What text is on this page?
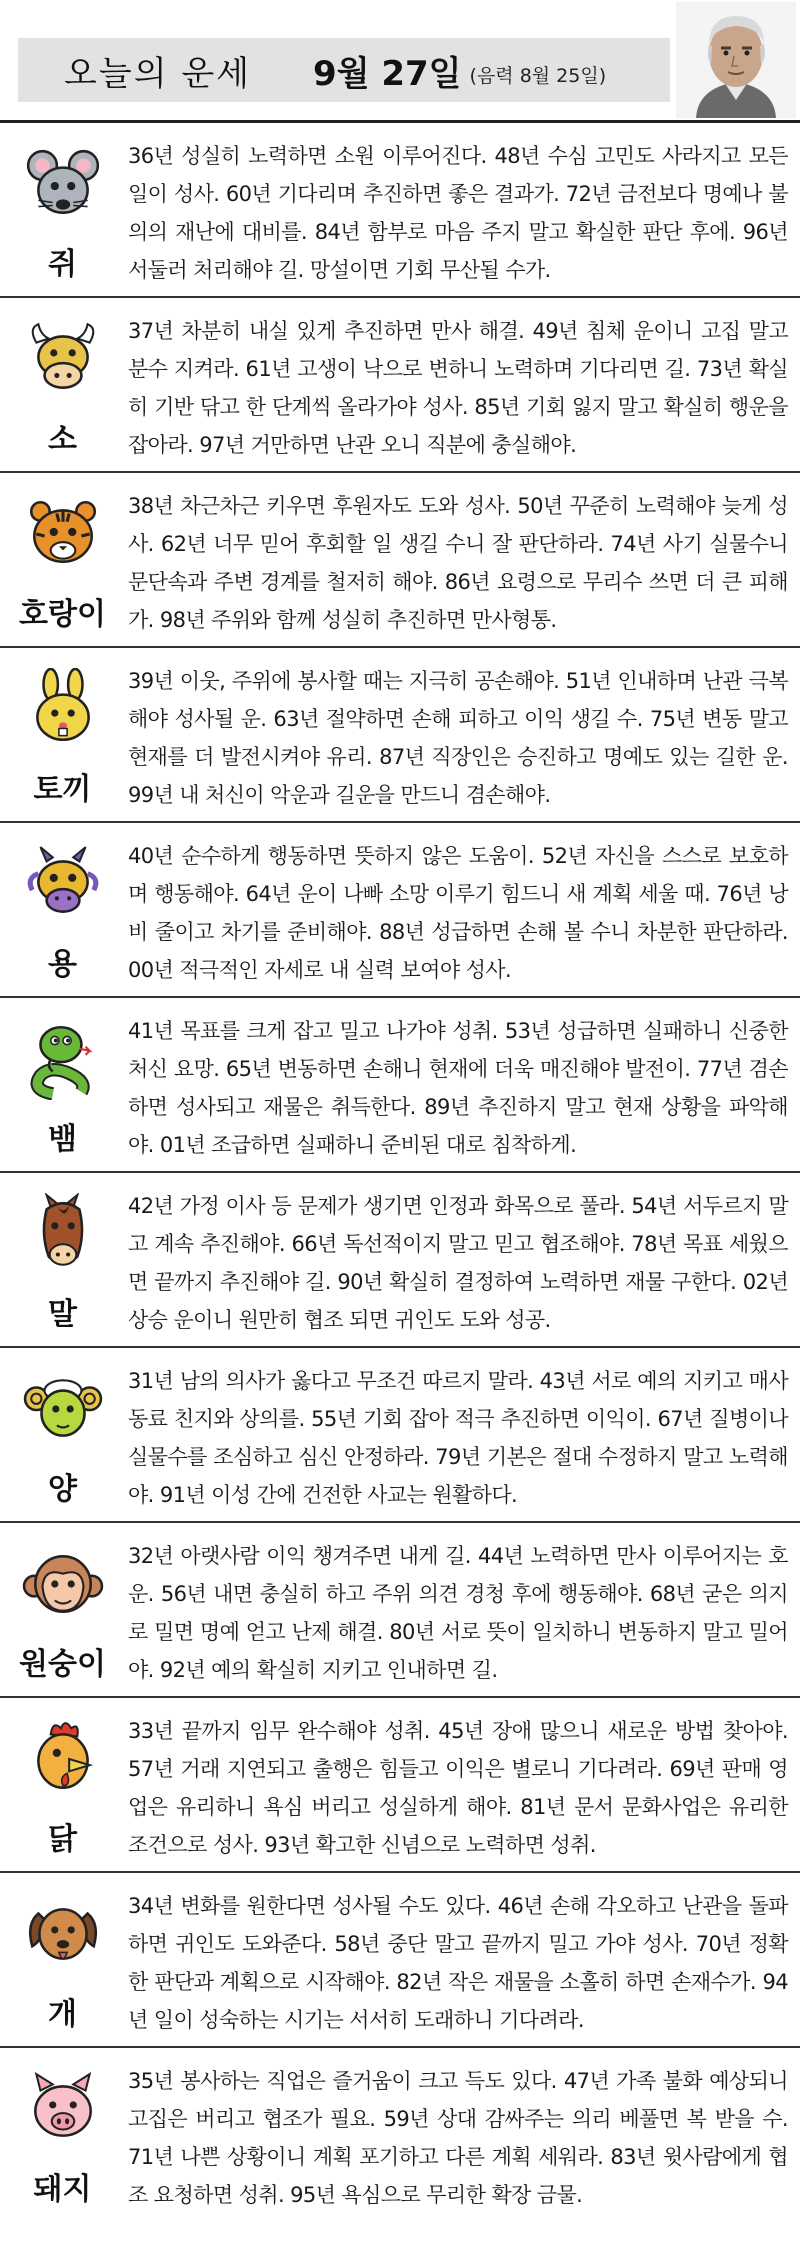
오늘의 운세 9월 27일 (음력 8월 25일)
쥐
36년 성실히 노력하면 소원 이루어진다. 48년 수심 고민도 사라지고 모든 일이 성사. 60년 기다리며 추진하면 좋은 결과가. 72년 금전보다 명예나 불의의 재난에 대비를. 84년 함부로 마음 주지 말고 확실한 판단 후에. 96년 서둘러 처리해야 길. 망설이면 기회 무산될 수가.
소
37년 차분히 내실 있게 추진하면 만사 해결. 49년 침체 운이니 고집 말고 분수 지켜라. 61년 고생이 낙으로 변하니 노력하며 기다리면 길. 73년 확실히 기반 닦고 한 단계씩 올라가야 성사. 85년 기회 잃지 말고 확실히 행운을 잡아라. 97년 거만하면 난관 오니 직분에 충실해야.
호랑이
38년 차근차근 키우면 후원자도 도와 성사. 50년 꾸준히 노력해야 늦게 성사. 62년 너무 믿어 후회할 일 생길 수니 잘 판단하라. 74년 사기 실물수니 문단속과 주변 경계를 철저히 해야. 86년 요령으로 무리수 쓰면 더 큰 피해가. 98년 주위와 함께 성실히 추진하면 만사형통.
토끼
39년 이웃, 주위에 봉사할 때는 지극히 공손해야. 51년 인내하며 난관 극복해야 성사될 운. 63년 절약하면 손해 피하고 이익 생길 수. 75년 변동 말고 현재를 더 발전시켜야 유리. 87년 직장인은 승진하고 명예도 있는 길한 운. 99년 내 처신이 악운과 길운을 만드니 겸손해야.
용
40년 순수하게 행동하면 뜻하지 않은 도움이. 52년 자신을 스스로 보호하며 행동해야. 64년 운이 나빠 소망 이루기 힘드니 새 계획 세울 때. 76년 낭비 줄이고 차기를 준비해야. 88년 성급하면 손해 볼 수니 차분한 판단하라. 00년 적극적인 자세로 내 실력 보여야 성사.
뱀
41년 목표를 크게 잡고 밀고 나가야 성취. 53년 성급하면 실패하니 신중한 처신 요망. 65년 변동하면 손해니 현재에 더욱 매진해야 발전이. 77년 겸손하면 성사되고 재물은 취득한다. 89년 추진하지 말고 현재 상황을 파악해야. 01년 조급하면 실패하니 준비된 대로 침착하게.
말
42년 가정 이사 등 문제가 생기면 인정과 화목으로 풀라. 54년 서두르지 말고 계속 추진해야. 66년 독선적이지 말고 믿고 협조해야. 78년 목표 세웠으면 끝까지 추진해야 길. 90년 확실히 결정하여 노력하면 재물 구한다. 02년 상승 운이니 원만히 협조 되면 귀인도 도와 성공.
양
31년 남의 의사가 옳다고 무조건 따르지 말라. 43년 서로 예의 지키고 매사 동료 친지와 상의를. 55년 기회 잡아 적극 추진하면 이익이. 67년 질병이나 실물수를 조심하고 심신 안정하라. 79년 기본은 절대 수정하지 말고 노력해야. 91년 이성 간에 건전한 사교는 원활하다.
원숭이
32년 아랫사람 이익 챙겨주면 내게 길. 44년 노력하면 만사 이루어지는 호운. 56년 내면 충실히 하고 주위 의견 경청 후에 행동해야. 68년 굳은 의지로 밀면 명예 얻고 난제 해결. 80년 서로 뜻이 일치하니 변동하지 말고 밀어야. 92년 예의 확실히 지키고 인내하면 길.
닭
33년 끝까지 임무 완수해야 성취. 45년 장애 많으니 새로운 방법 찾아야. 57년 거래 지연되고 출행은 힘들고 이익은 별로니 기다려라. 69년 판매 영업은 유리하니 욕심 버리고 성실하게 해야. 81년 문서 문화사업은 유리한 조건으로 성사. 93년 확고한 신념으로 노력하면 성취.
개
34년 변화를 원한다면 성사될 수도 있다. 46년 손해 각오하고 난관을 돌파하면 귀인도 도와준다. 58년 중단 말고 끝까지 밀고 가야 성사. 70년 정확한 판단과 계획으로 시작해야. 82년 작은 재물을 소홀히 하면 손재수가. 94년 일이 성숙하는 시기는 서서히 도래하니 기다려라.
돼지
35년 봉사하는 직업은 즐거움이 크고 득도 있다. 47년 가족 불화 예상되니 고집은 버리고 협조가 필요. 59년 상대 감싸주는 의리 베풀면 복 받을 수. 71년 나쁜 상황이니 계획 포기하고 다른 계획 세워라. 83년 윗사람에게 협조 요청하면 성취. 95년 욕심으로 무리한 확장 금물.
